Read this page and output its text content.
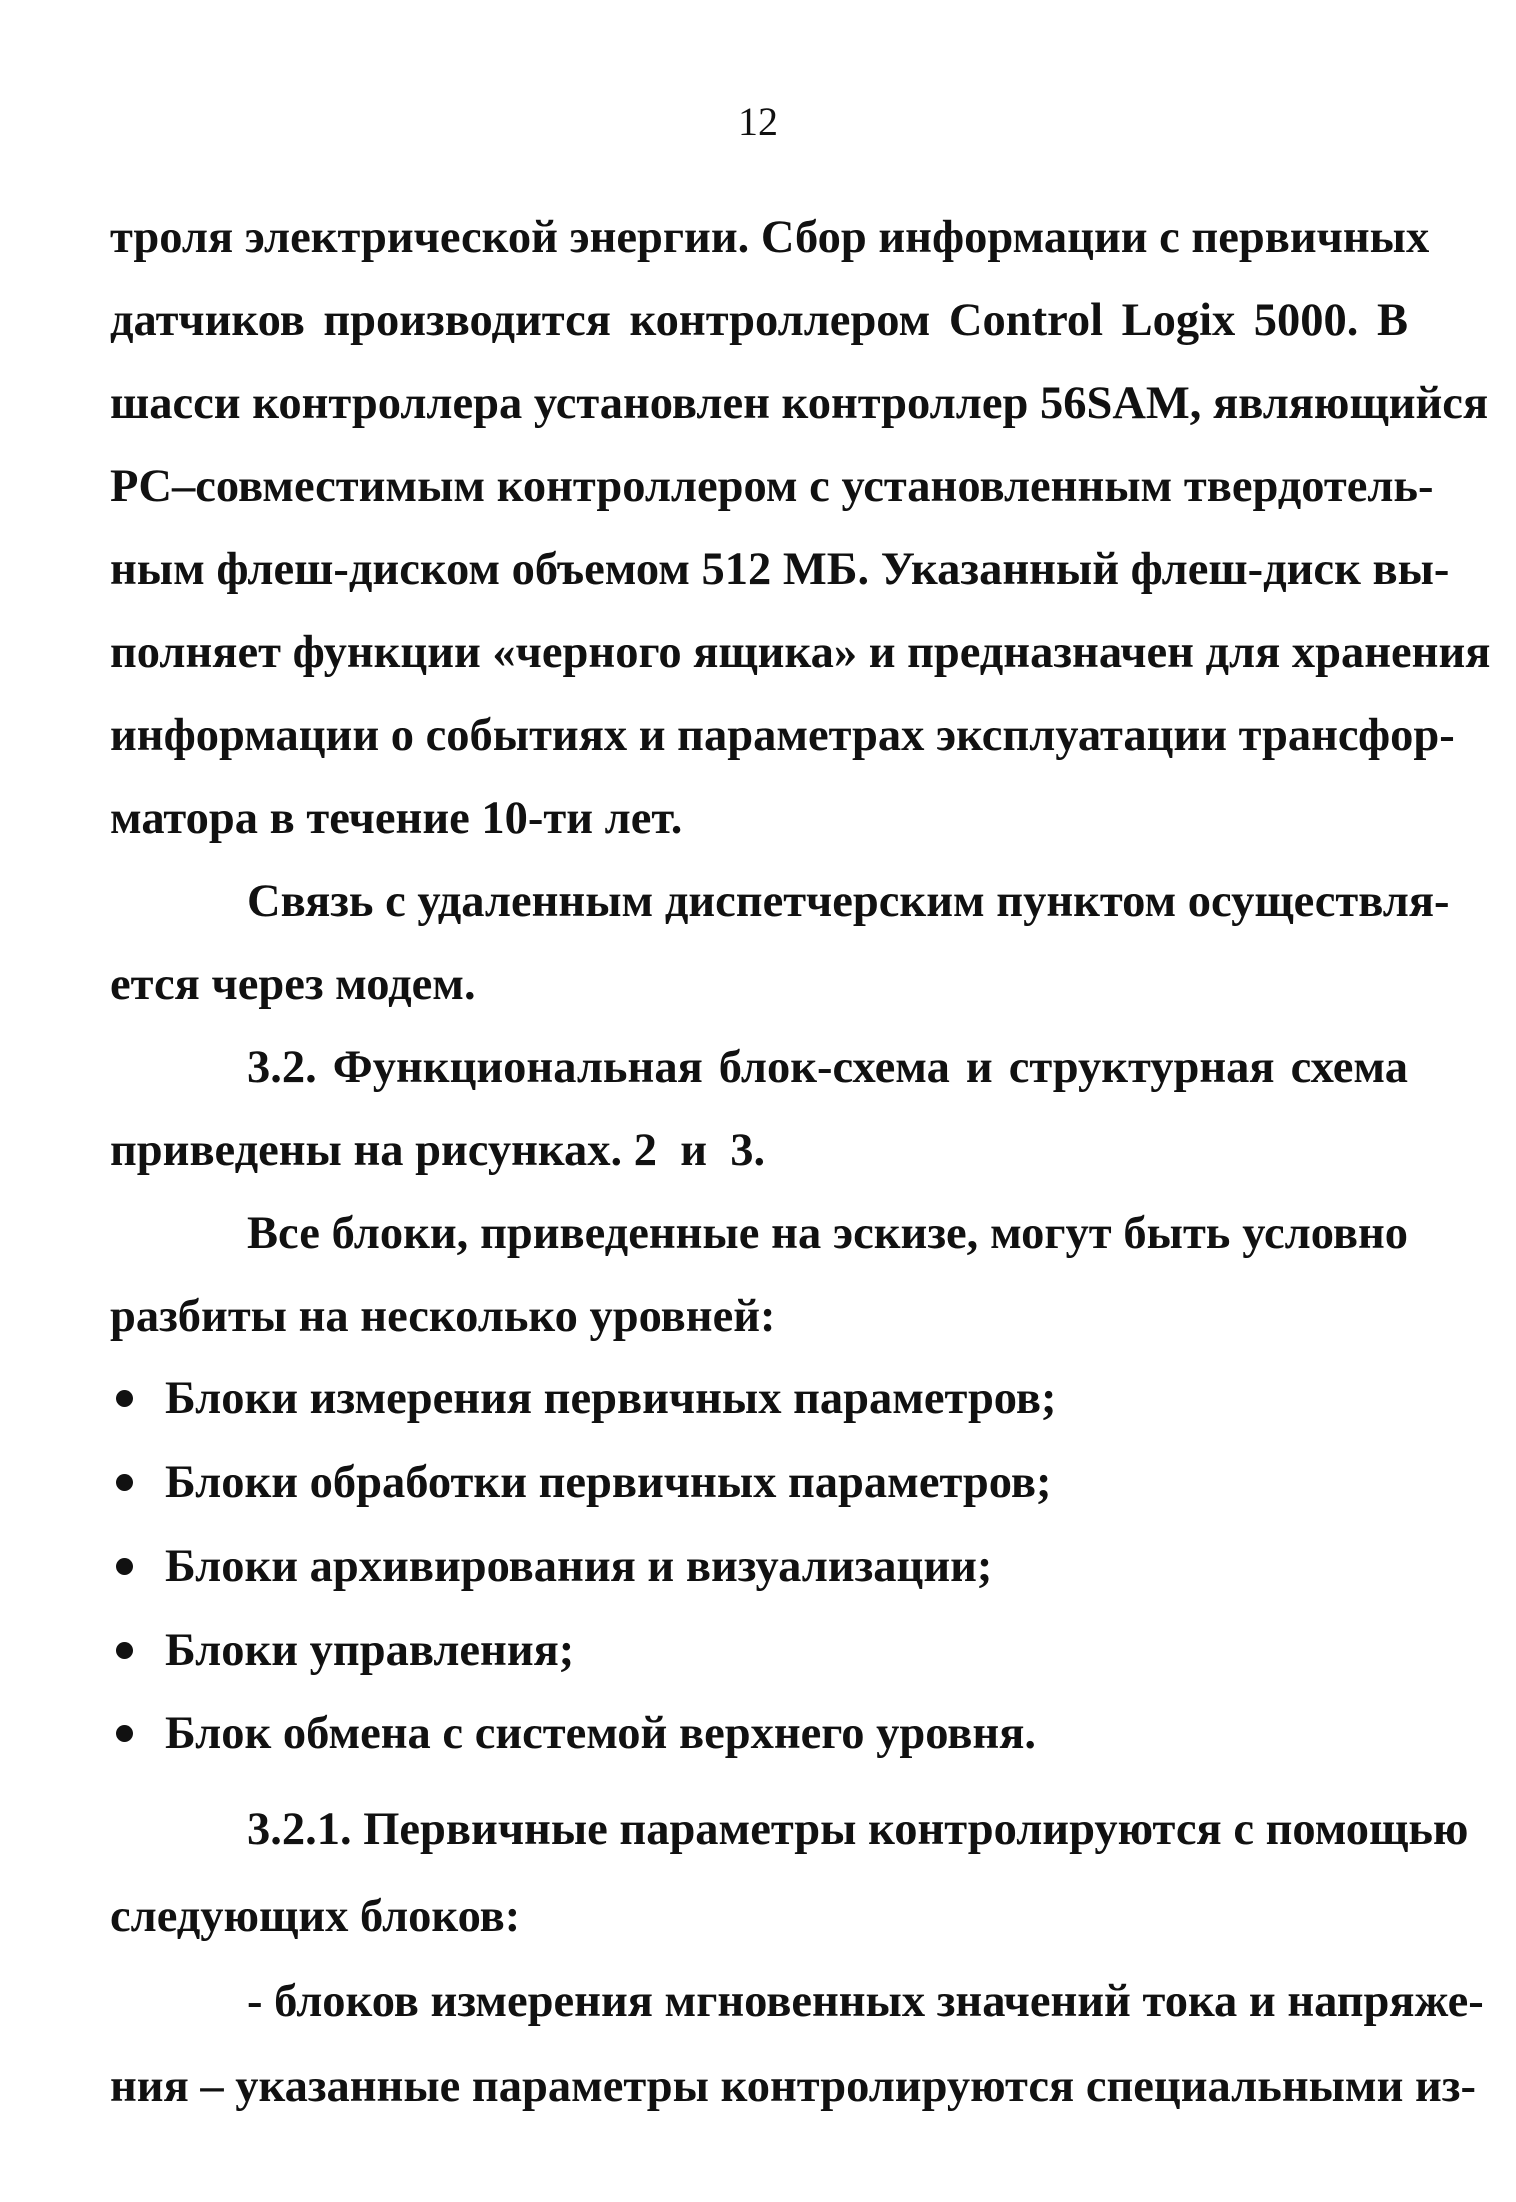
12
троля электрической энергии. Сбор информации с первичных
датчиков производится контроллером Control Logix 5000. В
шасси контроллера установлен контроллер 56SAM, являющийся
PC–совместимым контроллером с установленным твердотель-
ным флеш-диском объемом 512 МБ. Указанный флеш-диск вы-
полняет функции «черного ящика» и предназначен для хранения
информации о событиях и параметрах эксплуатации трансфор-
матора в течение 10-ти лет.
Связь с удаленным диспетчерским пунктом осуществля-
ется через модем.
3.2. Функциональная блок-схема и структурная схема
приведены на рисунках. 2  и  3.
Все блоки, приведенные на эскизе, могут быть условно
разбиты на несколько уровней:
Блоки измерения первичных параметров;
Блоки обработки первичных параметров;
Блоки архивирования и визуализации;
Блоки управления;
Блок обмена с системой верхнего уровня.
3.2.1. Первичные параметры контролируются с помощью
следующих блоков:
- блоков измерения мгновенных значений тока и напряже-
ния – указанные параметры контролируются специальными из-
